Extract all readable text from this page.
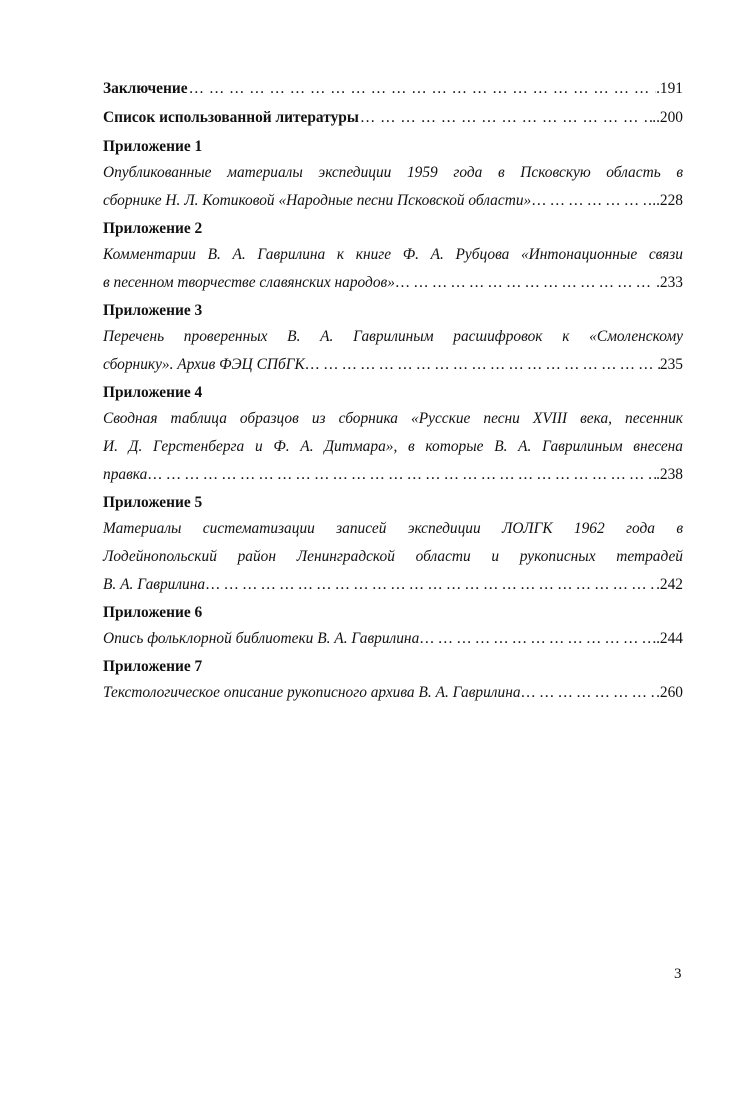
Заключение … … … … … … … … … … … … … … … … … … … … … … … … … … … … … … … … … … … … … … … … … … … … … …	.191
Список использованной литературы … … … … … … … … … … … … … … … … … … … … … … … … … … … … … … … … … … … … … … … … … … … … … …	..200
Приложение 1
Опубликованные материалы экспедиции 1959 года в Псковскую область в
сборнике Н. Л. Котиковой «Народные песни Псковской области» … … … … … … … … … … … … … … … … … … … … … … … … … … … … … … … … … … … … … … … … … … … … … …	..228
Приложение 2
Комментарии В. А. Гаврилина к книге Ф. А. Рубцова «Интонационные связи
в песенном творчестве славянских народов» … … … … … … … … … … … … … … … … … … … … … … … … … … … … … … … … … … … … … … … … … … … … … …	.233
Приложение 3
Перечень проверенных В. А. Гаврилиным расшифровок к «Смоленскому
сборнику». Архив ФЭЦ СПбГК … … … … … … … … … … … … … … … … … … … … … … … … … … … … … … … … … … … … … … … … … … … … … …	235
Приложение 4
Сводная таблица образцов из сборника «Русские песни XVIII века, песенник
И. Д. Герстенберга и Ф. А. Дитмара», в которые В. А. Гаврилиным внесена
правка … … … … … … … … … … … … … … … … … … … … … … … … … … … … … … … … … … … … … … … … … … … … … …	.238
Приложение 5
Материалы систематизации записей экспедиции ЛОЛГК 1962 года в
Лодейнопольский район Ленинградской области и рукописных тетрадей
В. А. Гаврилина … … … … … … … … … … … … … … … … … … … … … … … … … … … … … … … … … … … … … … … … … … … … … …	.242
Приложение 6
Опись фольклорной библиотеки В. А. Гаврилина … … … … … … … … … … … … … … … … … … … … … … … … … … … … … … … … … … … … … … … … … … … … … …	.244
Приложение 7
Текстологическое описание рукописного архива В. А. Гаврилина … … … … … … … … … … … … … … … … … … … … … … … … … … … … … … … … … … … … … … … … … … … … … …	.260
3
